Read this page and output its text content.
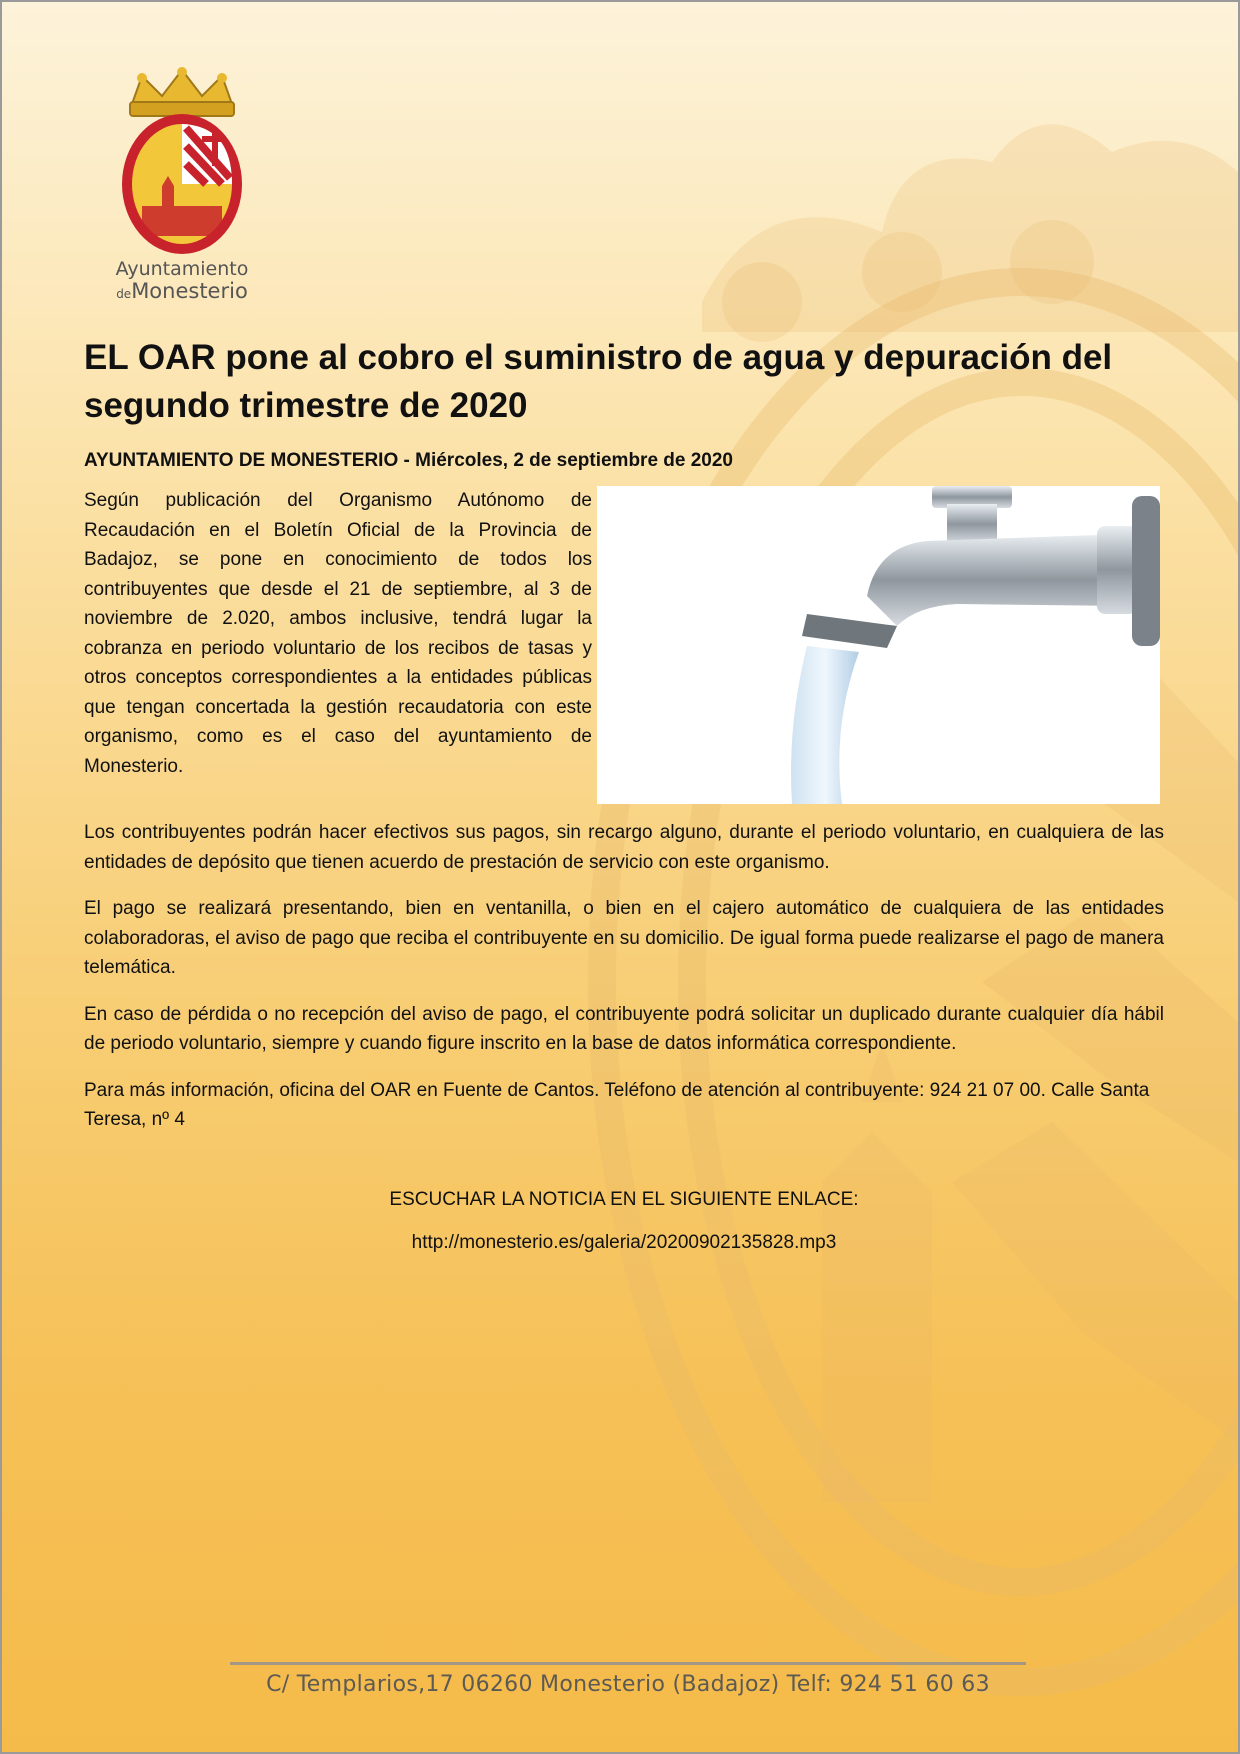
Ayuntamiento
deMonesterio
EL OAR pone al cobro el suministro de agua y depuración del segundo trimestre de 2020
AYUNTAMIENTO DE MONESTERIO - Miércoles, 2 de septiembre de 2020

Según publicación del Organismo Autónomo de Recaudación en el Boletín Oficial de la Provincia de Badajoz, se pone en conocimiento de todos los contribuyentes que desde el 21 de septiembre, al 3 de noviembre de 2.020, ambos inclusive, tendrá lugar la cobranza en periodo voluntario de los recibos de tasas y otros conceptos correspondientes a la entidades públicas que tengan concertada la gestión recaudatoria con este organismo, como es el caso del ayuntamiento de Monesterio.

Los contribuyentes podrán hacer efectivos sus pagos, sin recargo alguno, durante el periodo voluntario, en cualquiera de las entidades de depósito que tienen acuerdo de prestación de servicio con este organismo.

El pago se realizará presentando, bien en ventanilla, o bien en el cajero automático de cualquiera de las entidades colaboradoras, el aviso de pago que reciba el contribuyente en su domicilio. De igual forma puede realizarse el pago de manera telemática.

En caso de pérdida o no recepción del aviso de pago, el contribuyente podrá solicitar un duplicado durante cualquier día hábil de periodo voluntario, siempre y cuando figure inscrito en la base de datos informática correspondiente.

Para más información, oficina del OAR en Fuente de Cantos. Teléfono de atención al contribuyente: 924 21 07 00. Calle Santa Teresa, nº 4

ESCUCHAR LA NOTICIA EN EL SIGUIENTE ENLACE:
http://monesterio.es/galeria/20200902135828.mp3
C/ Templarios,17 06260 Monesterio (Badajoz) Telf: 924 51 60 63
